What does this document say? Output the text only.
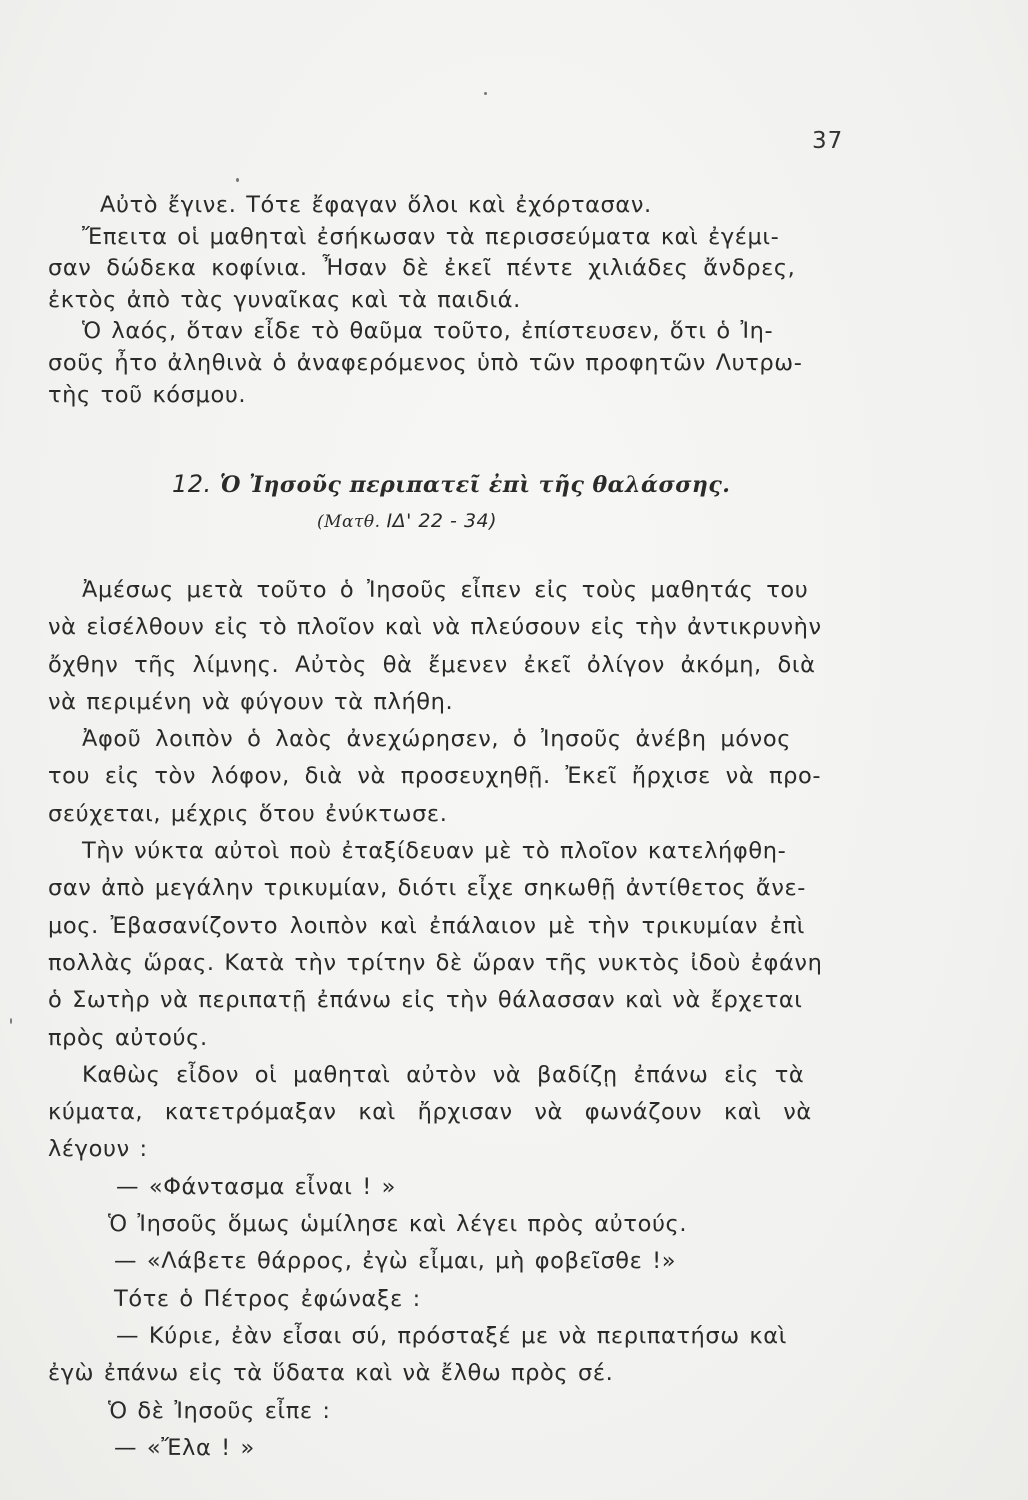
37
Αὐτὸ ἔγινε. Τότε ἔφαγαν ὅλοι καὶ ἐχόρτασαν.
Ἔπειτα οἱ μαθηταὶ ἐσήκωσαν τὰ περισσεύματα καὶ ἐγέμι-
σαν δώδεκα κοφίνια. Ἦσαν δὲ ἐκεῖ πέντε χιλιάδες ἄνδρες,
ἐκτὸς ἀπὸ τὰς γυναῖκας καὶ τὰ παιδιά.
Ὁ λαός, ὅταν εἶδε τὸ θαῦμα τοῦτο, ἐπίστευσεν, ὅτι ὁ Ἰη-
σοῦς ἦτο ἀληθινὰ ὁ ἀναφερόμενος ὑπὸ τῶν προφητῶν Λυτρω-
τὴς τοῦ κόσμου.
12. Ὁ Ἰησοῦς περιπατεῖ ἐπὶ τῆς θαλάσσης.
(Ματθ. ΙΔ' 22 - 34)
Ἀμέσως μετὰ τοῦτο ὁ Ἰησοῦς εἶπεν εἰς τοὺς μαθητάς του
νὰ εἰσέλθουν εἰς τὸ πλοῖον καὶ νὰ πλεύσουν εἰς τὴν ἀντικρυνὴν
ὄχθην τῆς λίμνης. Αὐτὸς θὰ ἔμενεν ἐκεῖ ὀλίγον ἀκόμη, διὰ
νὰ περιμένη νὰ φύγουν τὰ πλήθη.
Ἀφοῦ λοιπὸν ὁ λαὸς ἀνεχώρησεν, ὁ Ἰησοῦς ἀνέβη μόνος
του εἰς τὸν λόφον, διὰ νὰ προσευχηθῇ. Ἐκεῖ ἤρχισε νὰ προ-
σεύχεται, μέχρις ὅτου ἐνύκτωσε.
Τὴν νύκτα αὐτοὶ ποὺ ἐταξίδευαν μὲ τὸ πλοῖον κατελήφθη-
σαν ἀπὸ μεγάλην τρικυμίαν, διότι εἶχε σηκωθῇ ἀντίθετος ἄνε-
μος. Ἐβασανίζοντο λοιπὸν καὶ ἐπάλαιον μὲ τὴν τρικυμίαν ἐπὶ
πολλὰς ὥρας. Κατὰ τὴν τρίτην δὲ ὥραν τῆς νυκτὸς ἰδοὺ ἐφάνη
ὁ Σωτὴρ νὰ περιπατῇ ἐπάνω εἰς τὴν θάλασσαν καὶ νὰ ἔρχεται
πρὸς αὐτούς.
Καθὼς εἶδον οἱ μαθηταὶ αὐτὸν νὰ βαδίζῃ ἐπάνω εἰς τὰ
κύματα, κατετρόμαξαν καὶ ἤρχισαν νὰ φωνάζουν καὶ νὰ
λέγουν :
— «Φάντασμα εἶναι ! »
Ὁ Ἰησοῦς ὅμως ὡμίλησε καὶ λέγει πρὸς αὐτούς.
— «Λάβετε θάρρος, ἐγὼ εἶμαι, μὴ φοβεῖσθε !»
Τότε ὁ Πέτρος ἐφώναξε :
— Κύριε, ἐὰν εἶσαι σύ, πρόσταξέ με νὰ περιπατήσω καὶ
ἐγὼ ἐπάνω εἰς τὰ ὕδατα καὶ νὰ ἔλθω πρὸς σέ.
Ὁ δὲ Ἰησοῦς εἶπε :
— «Ἔλα ! »
